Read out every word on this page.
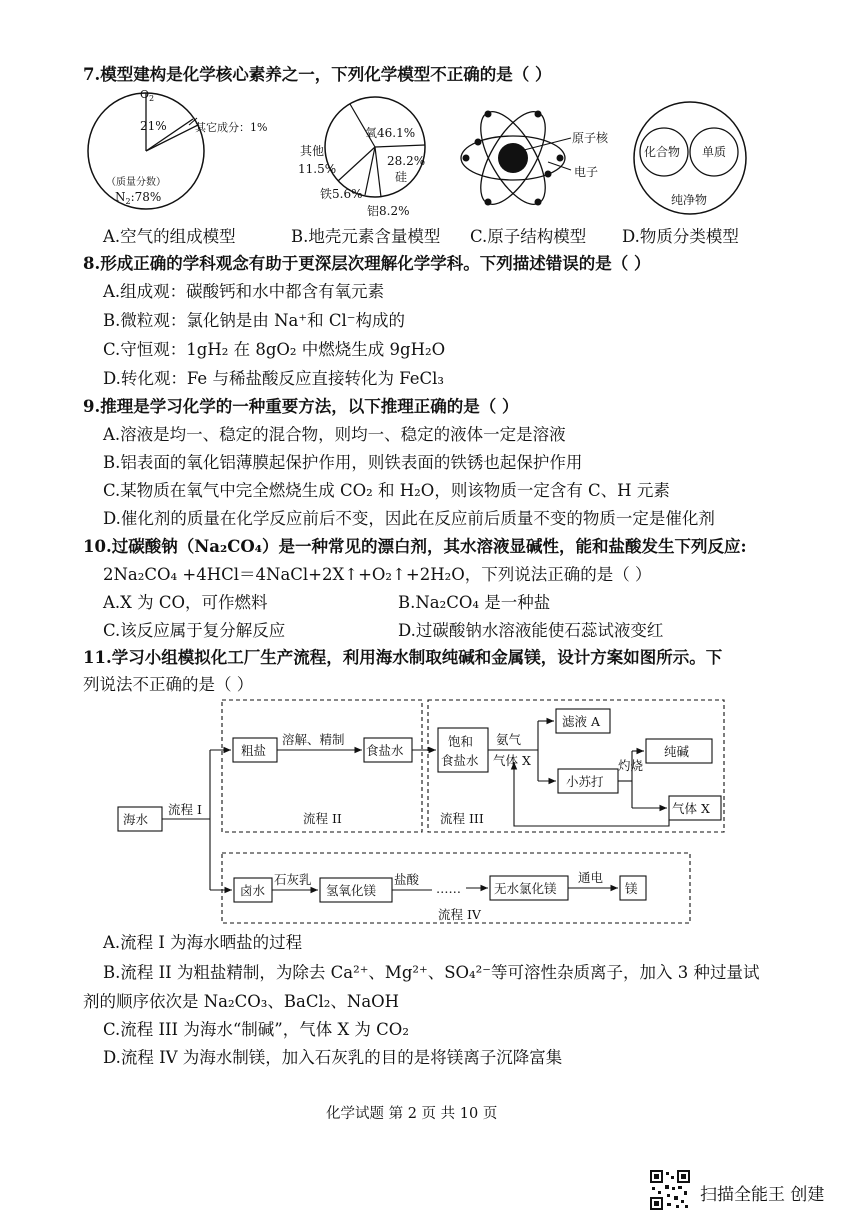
7.模型建构是化学核心素养之一，下列化学模型不正确的是（ ）
$O_2$
21%	其它成分：1%
（质量分数）
$N_2:78\%$
氧46.1%
28.2%
硅
其他
11.5%
铁5.6%
铝8.2%
原子核
电子
化合物 单质
纯净物
A.空气的组成模型	B.地壳元素含量模型 C.原子结构模型 D.物质分类模型
8.形成正确的学科观念有助于更深层次理解化学学科。下列描述错误的是（ ）
A.组成观：碳酸钙和水中都含有氧元素
B.微粒观：氯化钠是由 Na⁺和 Cl⁻构成的
C.守恒观：1gH₂ 在 8gO₂ 中燃烧生成 9gH₂O
D.转化观：Fe 与稀盐酸反应直接转化为 FeCl₃
9.推理是学习化学的一种重要方法，以下推理正确的是（ ）
A.溶液是均一、稳定的混合物，则均一、稳定的液体一定是溶液
B.铝表面的氧化铝薄膜起保护作用，则铁表面的铁锈也起保护作用
C.某物质在氧气中完全燃烧生成 CO₂ 和 H₂O，则该物质一定含有 C、H 元素
D.催化剂的质量在化学反应前后不变，因此在反应前后质量不变的物质一定是催化剂
10.过碳酸钠（Na₂CO₄）是一种常见的漂白剂，其水溶液显碱性，能和盐酸发生下列反应:
2Na₂CO₄ +4HCl＝4NaCl+2X↑+O₂↑+2H₂O，下列说法正确的是（ ）
A.X 为 CO，可作燃料	B.Na₂CO₄ 是一种盐
C.该反应属于复分解反应	D.过碳酸钠水溶液能使石蕊试液变红
11.学习小组模拟化工厂生产流程，利用海水制取纯碱和金属镁，设计方案如图所示。下
列说法不正确的是（ ）
海水
流程 I
粗盐
溶解、精制
食盐水
流程 II
饱和
食盐水
氨气
气体 X
滤液 A
小苏打
灼烧
纯碱
气体 X
流程 III
卤水
石灰乳
氢氧化镁
盐酸
……	无水氯化镁
通电
镁
流程 IV
A.流程 I 为海水晒盐的过程
B.流程 II 为粗盐精制，为除去 Ca²⁺、Mg²⁺、SO₄²⁻等可溶性杂质离子，加入 3 种过量试
剂的顺序依次是 Na₂CO₃、BaCl₂、NaOH
C.流程 III 为海水“制碱”，气体 X 为 CO₂
D.流程 IV 为海水制镁，加入石灰乳的目的是将镁离子沉降富集
化学试题 第 2 页 共 10 页
扫描全能王 创建
